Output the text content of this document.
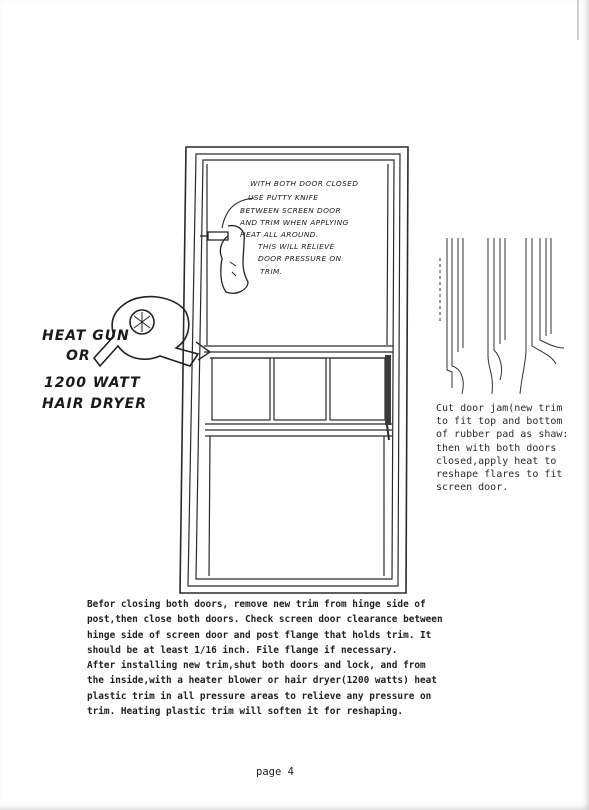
HEAT GUN
OR
1200 WATT
HAIR DRYER
WITH BOTH DOOR CLOSED
USE PUTTY KNIFE
BETWEEN SCREEN DOOR
AND TRIM WHEN APPLYING
HEAT ALL AROUND.
THIS WILL RELIEVE
DOOR PRESSURE ON
TRIM.
Cut door jam(new trim
to fit top and bottom
of rubber pad as shaw:
then with both doors
closed,apply heat to
reshape flares to fit
screen door.
Befor closing both doors, remove new trim from hinge side of
post,then close both doors. Check screen door clearance between
hinge side of screen door and post flange that holds trim. It
should be at least 1/16 inch. File flange if necessary.
After installing new trim,shut both doors and lock, and from
the inside,with a heater blower or hair dryer(1200 watts) heat
plastic trim in all pressure areas to relieve any pressure on
trim. Heating plastic trim will soften it for reshaping.
page 4
